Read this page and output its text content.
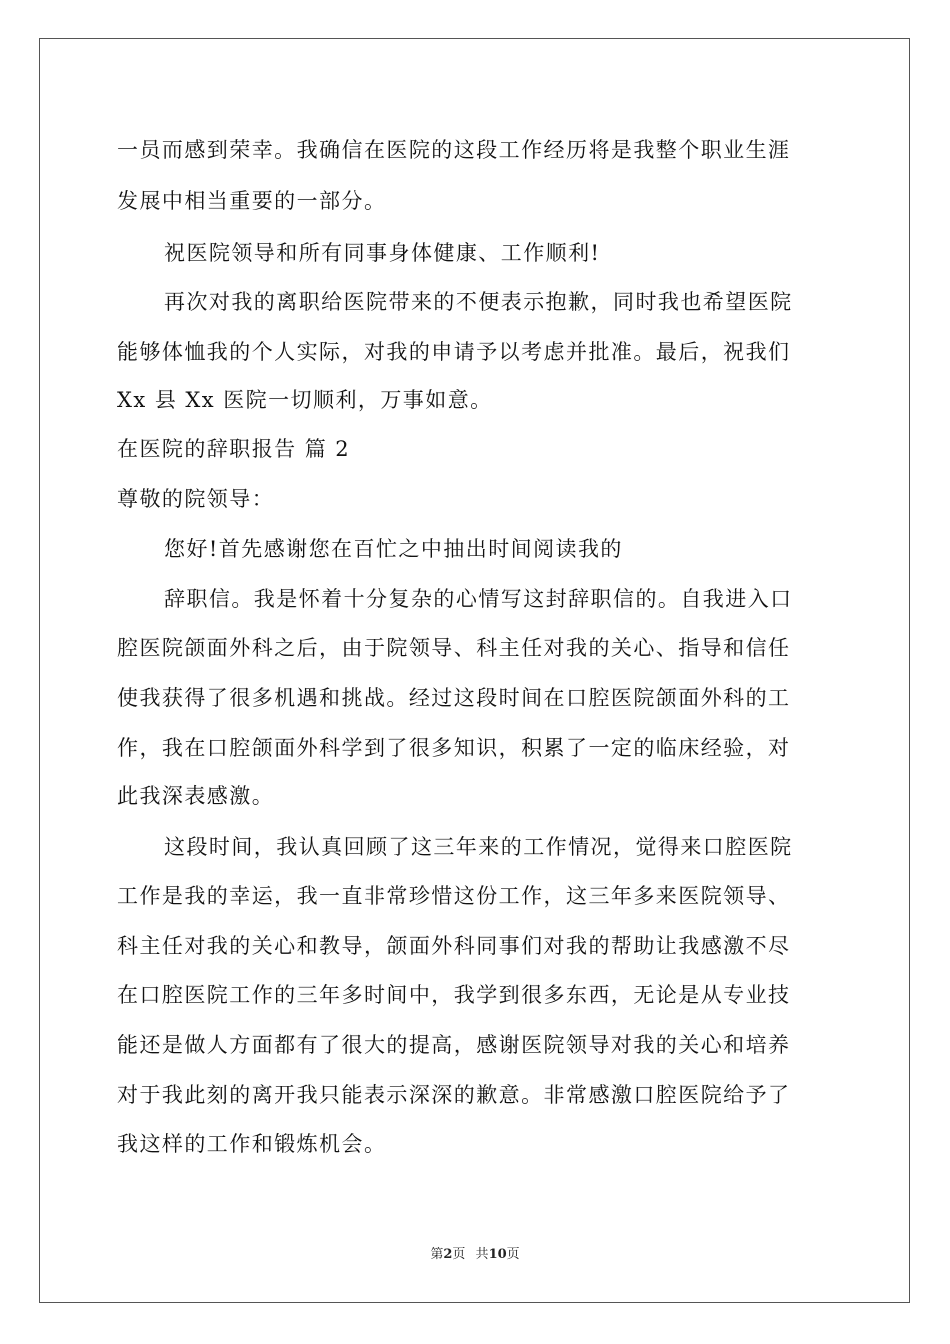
一员而感到荣幸。我确信在医院的这段工作经历将是我整个职业生涯
发展中相当重要的一部分。
祝医院领导和所有同事身体健康、工作顺利!
再次对我的离职给医院带来的不便表示抱歉，同时我也希望医院
能够体恤我的个人实际，对我的申请予以考虑并批准。最后，祝我们
Xx 县 Xx 医院一切顺利，万事如意。
在医院的辞职报告 篇 2
尊敬的院领导：
您好!首先感谢您在百忙之中抽出时间阅读我的
辞职信。我是怀着十分复杂的心情写这封辞职信的。自我进入口
腔医院颌面外科之后，由于院领导、科主任对我的关心、指导和信任
使我获得了很多机遇和挑战。经过这段时间在口腔医院颌面外科的工
作，我在口腔颌面外科学到了很多知识，积累了一定的临床经验，对
此我深表感激。
这段时间，我认真回顾了这三年来的工作情况，觉得来口腔医院
工作是我的幸运，我一直非常珍惜这份工作，这三年多来医院领导、
科主任对我的关心和教导，颌面外科同事们对我的帮助让我感激不尽
在口腔医院工作的三年多时间中，我学到很多东西，无论是从专业技
能还是做人方面都有了很大的提高，感谢医院领导对我的关心和培养
对于我此刻的离开我只能表示深深的歉意。非常感激口腔医院给予了
我这样的工作和锻炼机会。
第2页 共10页
